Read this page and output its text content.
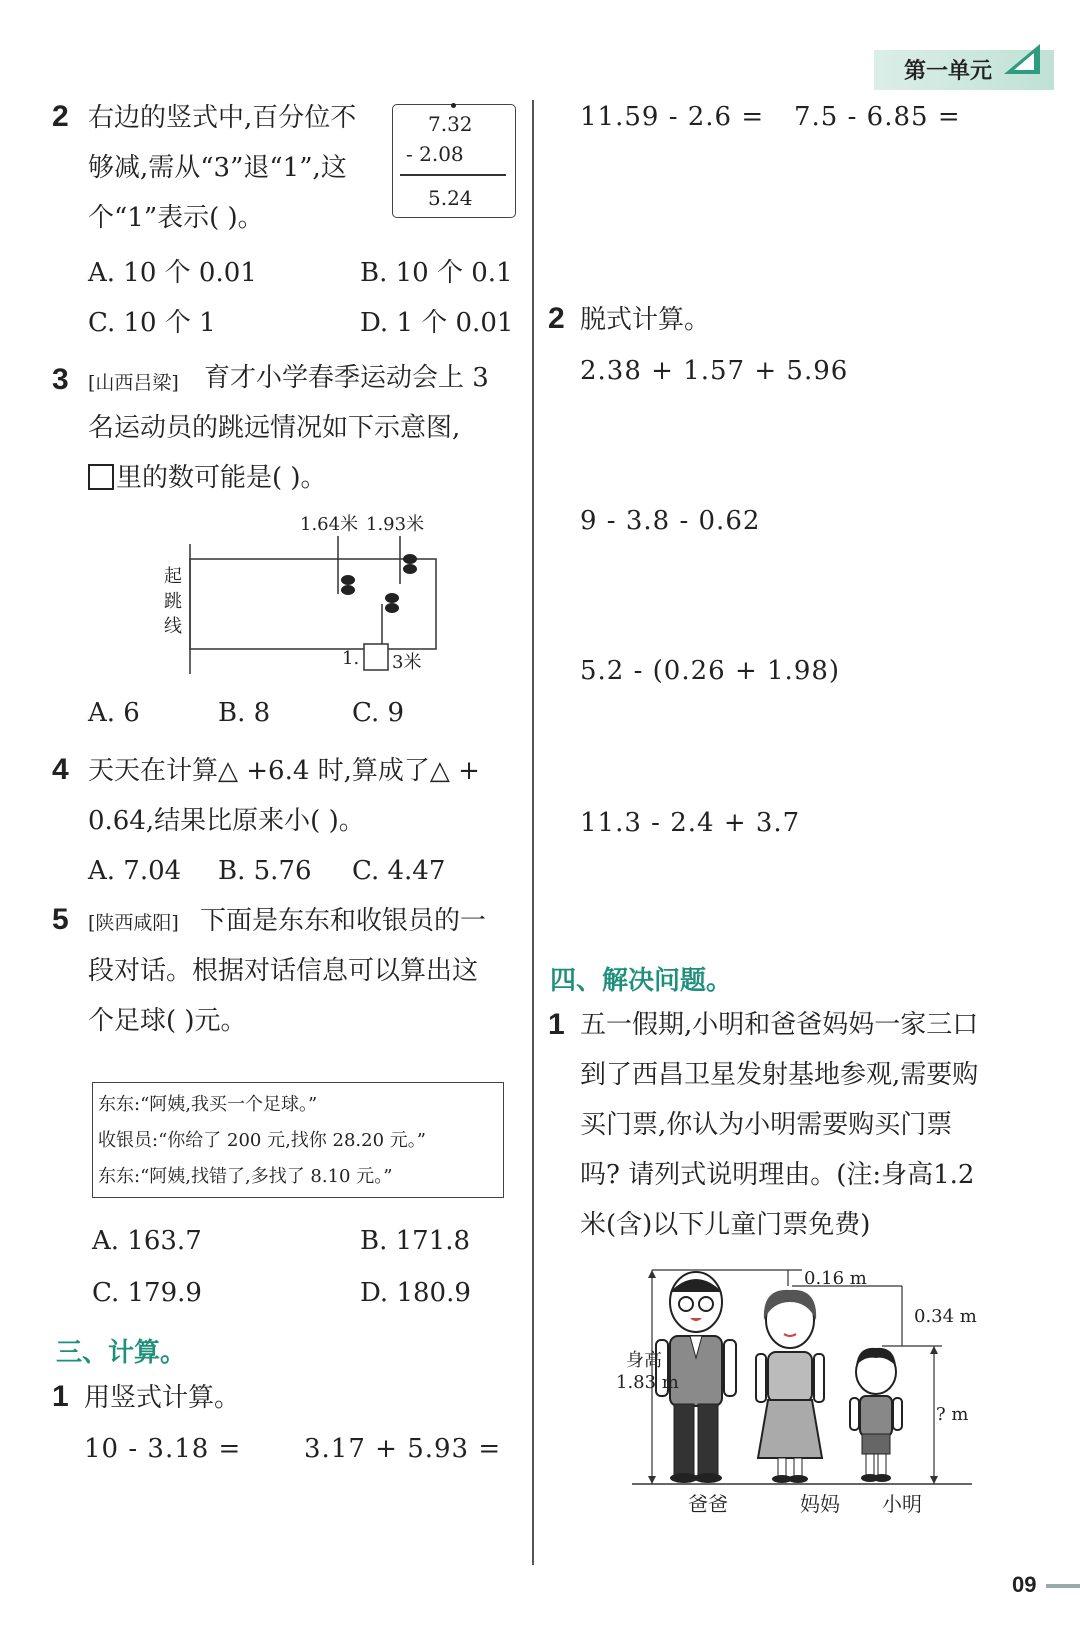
第一单元
2 右边的竖式中,百分位不
够减,需从“3”退“1”,这
个“1”表示( )。
7.32
- 2.08
5.24
A. 10 个 0.01	B. 10 个 0.1
C. 10 个 1	D. 1 个 0.01
3 [山西吕梁] 育才小学春季运动会上 3
名运动员的跳远情况如下示意图,
里的数可能是( )。
1.64米 1.93米
起
跳
线
1. 3米
A. 6	B. 8	C. 9
4 天天在计算△ +6.4 时,算成了△ +
0.64,结果比原来小( )。
A. 7.04 B. 5.76 C. 4.47
5 [陕西咸阳] 下面是东东和收银员的一
段对话。根据对话信息可以算出这
个足球( )元。
东东:“阿姨,我买一个足球。”
收银员:“你给了 200 元,找你 28.20 元。”
东东:“阿姨,找错了,多找了 8.10 元。”
A. 163.7	B. 171.8
C. 179.9	D. 180.9
三、计算。
1 用竖式计算。
10 - 3.18 = 3.17 + 5.93 =
11.59 - 2.6 = 7.5 - 6.85 =
2 脱式计算。
2.38 + 1.57 + 5.96
9 - 3.8 - 0.62
5.2 - (0.26 + 1.98)
11.3 - 2.4 + 3.7
四、解决问题。
1 五一假期,小明和爸爸妈妈一家三口
到了西昌卫星发射基地参观,需要购
买门票,你认为小明需要购买门票
吗? 请列式说明理由。(注:身高1.2
米(含)以下儿童门票免费)
0.16 m
0.34 m
身高
1.83 m
? m
爸爸	妈妈 小明
09
